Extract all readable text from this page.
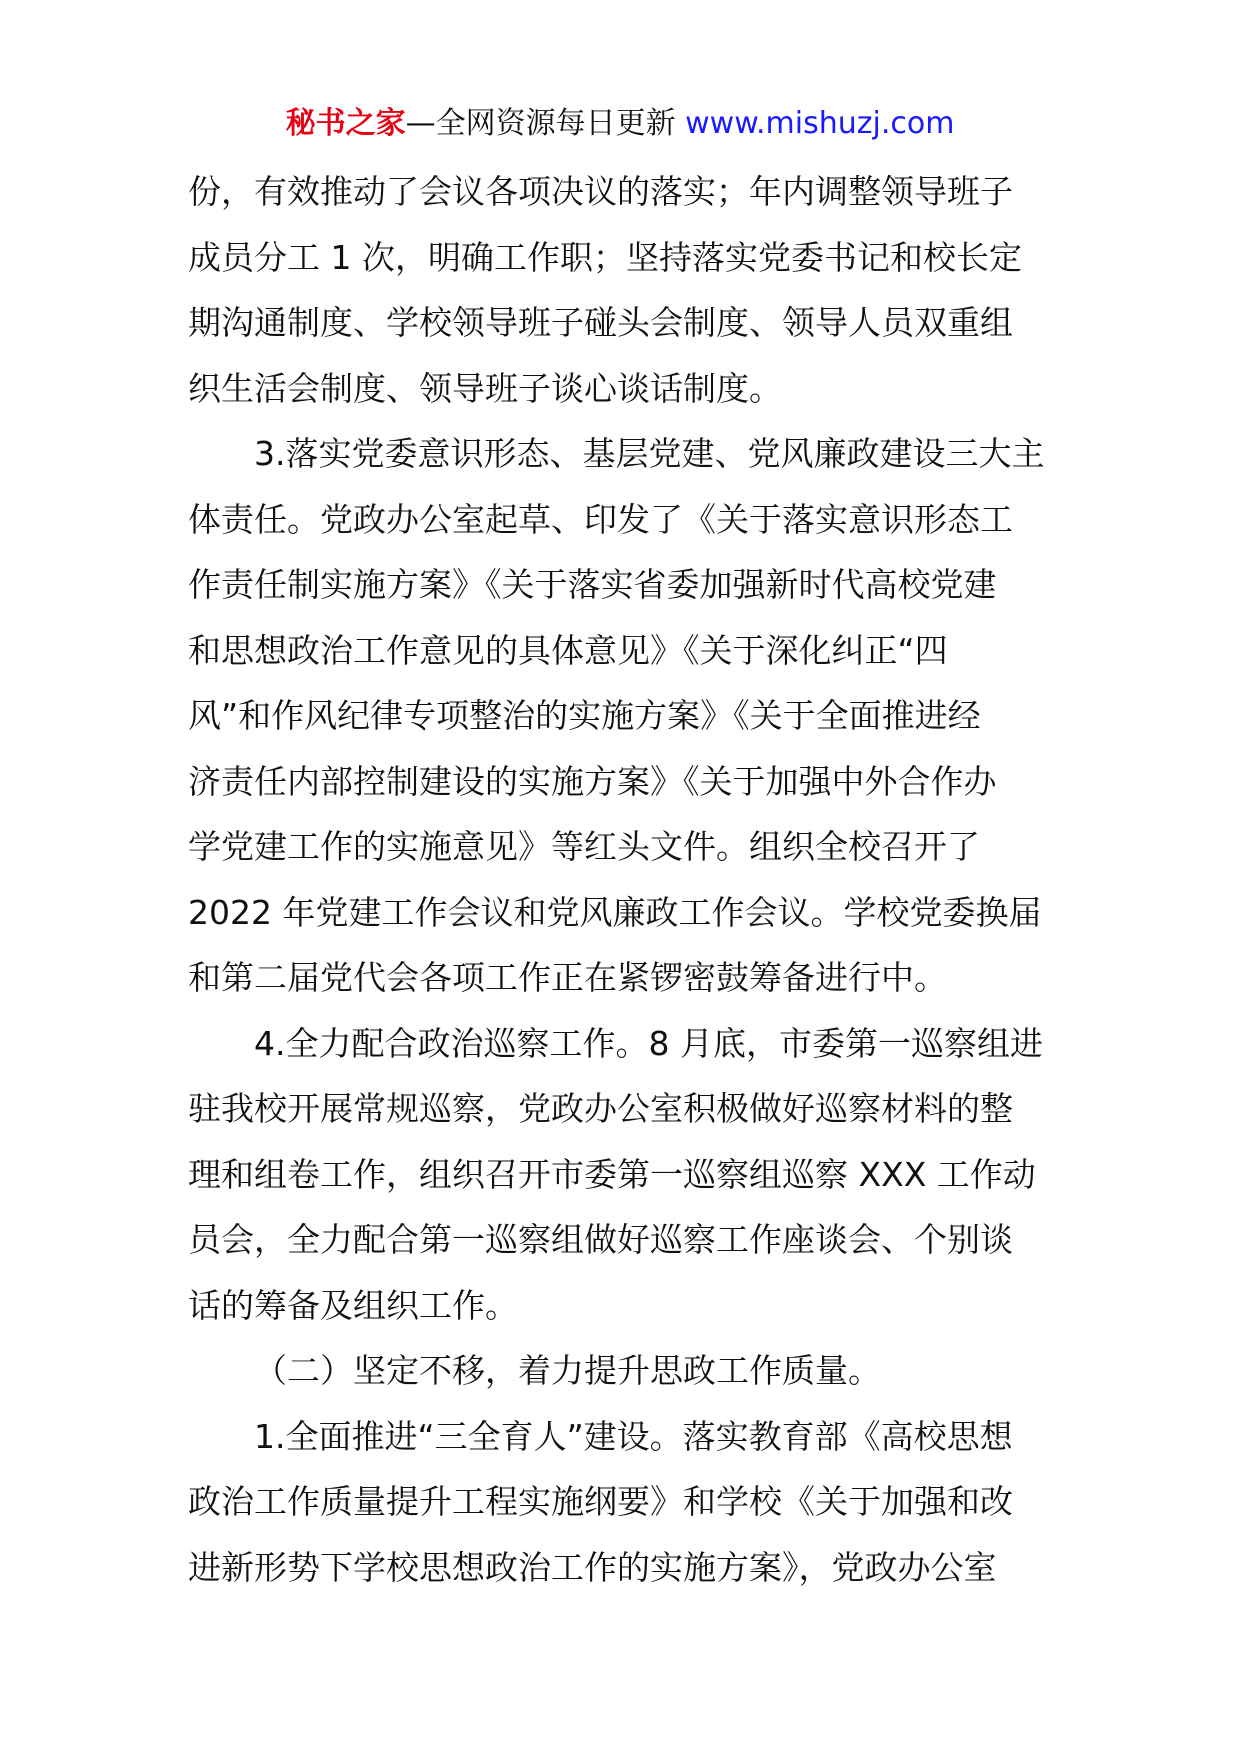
秘书之家—全网资源每日更新 www.mishuzj.com
份，有效推动了会议各项决议的落实；年内调整领导班子
成员分工 1 次，明确工作职；坚持落实党委书记和校长定
期沟通制度、学校领导班子碰头会制度、领导人员双重组
织生活会制度、领导班子谈心谈话制度。
3.落实党委意识形态、基层党建、党风廉政建设三大主
体责任。党政办公室起草、印发了《关于落实意识形态工
作责任制实施方案》《关于落实省委加强新时代高校党建
和思想政治工作意见的具体意见》《关于深化纠正“四
风”和作风纪律专项整治的实施方案》《关于全面推进经
济责任内部控制建设的实施方案》《关于加强中外合作办
学党建工作的实施意见》等红头文件。组织全校召开了
2022 年党建工作会议和党风廉政工作会议。学校党委换届
和第二届党代会各项工作正在紧锣密鼓筹备进行中。
4.全力配合政治巡察工作。8 月底，市委第一巡察组进
驻我校开展常规巡察，党政办公室积极做好巡察材料的整
理和组卷工作，组织召开市委第一巡察组巡察 XXX 工作动
员会，全力配合第一巡察组做好巡察工作座谈会、个别谈
话的筹备及组织工作。
（二）坚定不移，着力提升思政工作质量。
1.全面推进“三全育人”建设。落实教育部《高校思想
政治工作质量提升工程实施纲要》和学校《关于加强和改
进新形势下学校思想政治工作的实施方案》，党政办公室
